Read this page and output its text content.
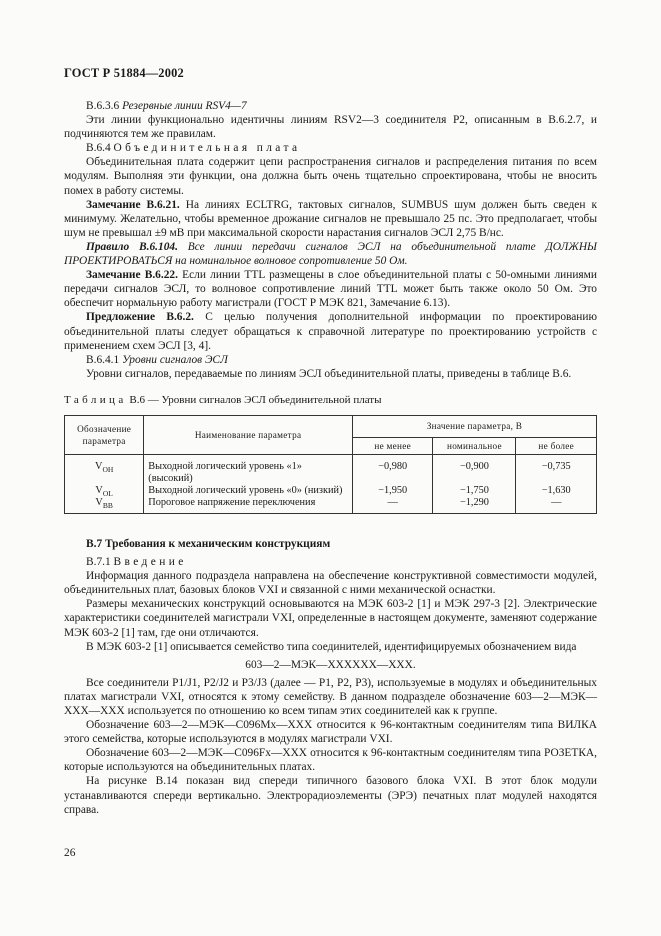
ГОСТ Р 51884—2002

В.6.3.6 Резервные линии RSV4—7

Эти линии функционально идентичны линиям RSV2—3 соединителя P2, описанным в В.6.2.7, и подчиняются тем же правилам.

В.6.4 Объединительная плата

Объединительная плата содержит цепи распространения сигналов и распределения питания по всем модулям. Выполняя эти функции, она должна быть очень тщательно спроектирована, чтобы не вносить помех в работу системы.

Замечание В.6.21. На линиях ECLTRG, тактовых сигналов, SUMBUS шум должен быть сведен к минимуму. Желательно, чтобы временное дрожание сигналов не превышало 25 пс. Это предполагает, чтобы шум не превышал ±9 мВ при максимальной скорости нарастания сигналов ЭСЛ 2,75 В/нс.

Правило В.6.104. Все линии передачи сигналов ЭСЛ на объединительной плате ДОЛЖНЫ ПРОЕКТИРОВАТЬСЯ на номинальное волновое сопротивление 50 Ом.

Замечание В.6.22. Если линии TTL размещены в слое объединительной платы с 50-омными линиями передачи сигналов ЭСЛ, то волновое сопротивление линий TTL может быть также около 50 Ом. Это обеспечит нормальную работу магистрали (ГОСТ Р МЭК 821, Замечание 6.13).

Предложение В.6.2. С целью получения дополнительной информации по проектированию объединительной платы следует обращаться к справочной литературе по проектированию устройств с применением схем ЭСЛ [3, 4].

В.6.4.1 Уровни сигналов ЭСЛ

Уровни сигналов, передаваемые по линиям ЭСЛ объединительной платы, приведены в таблице В.6.

Таблица В.6 — Уровни сигналов ЭСЛ объединительной платы

Обозначение параметра	Наименование параметра	Значение параметра, В		
		не менее	номинальное	не более
$V_{OH}$	Выходной логический уровень «1» (высокий)	−0,980	−0,900	−0,735
$V_{OL}$	Выходной логический уровень «0» (низкий)	−1,950	−1,750	−1,630
$V_{BB}$	Пороговое напряжение переключения	—	−1,290	—

В.7 Требования к механическим конструкциям

В.7.1 Введение

Информация данного подраздела направлена на обеспечение конструктивной совместимости модулей, объединительных плат, базовых блоков VXI и связанной с ними механической оснастки.

Размеры механических конструкций основываются на МЭК 603-2 [1] и МЭК 297-3 [2]. Электрические характеристики соединителей магистрали VXI, определенные в настоящем документе, заменяют содержание МЭК 603-2 [1] там, где они отличаются.

В МЭК 603-2 [1] описывается семейство типа соединителей, идентифицируемых обозначением вида

603—2—МЭК—XXXXXX—XXX.

Все соединители P1/J1, P2/J2 и P3/J3 (далее — P1, P2, P3), используемые в модулях и объединительных платах магистрали VXI, относятся к этому семейству. В данном подразделе обозначение 603—2—МЭК—XXX—XXX используется по отношению ко всем типам этих соединителей как к группе.

Обозначение 603—2—МЭК—C096Mx—XXX относится к 96-контактным соединителям типа ВИЛКА этого семейства, которые используются в модулях магистрали VXI.

Обозначение 603—2—МЭК—C096Fx—XXX относится к 96-контактным соединителям типа РОЗЕТКА, которые используются на объединительных платах.

На рисунке В.14 показан вид спереди типичного базового блока VXI. В этот блок модули устанавливаются спереди вертикально. Электрорадиоэлементы (ЭРЭ) печатных плат модулей находятся справа.

26
